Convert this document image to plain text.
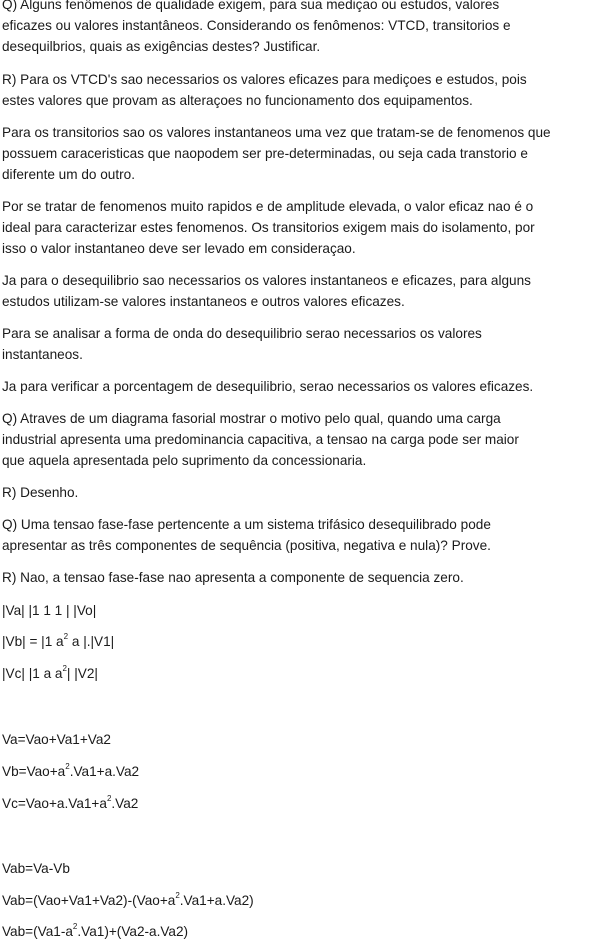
Q) Alguns fenômenos de qualidade exigem, para sua mediçao ou estudos, valores
eficazes ou valores instantâneos. Considerando os fenômenos: VTCD, transitorios e
desequilbrios, quais as exigências destes? Justificar.
R) Para os VTCD's sao necessarios os valores eficazes para mediçoes e estudos, pois
estes valores que provam as alteraçoes no funcionamento dos equipamentos.
Para os transitorios sao os valores instantaneos uma vez que tratam-se de fenomenos que
possuem caraceristicas que naopodem ser pre-determinadas, ou seja cada transtorio e
diferente um do outro.
Por se tratar de fenomenos muito rapidos e de amplitude elevada, o valor eficaz nao é o
ideal para caracterizar estes fenomenos. Os transitorios exigem mais do isolamento, por
isso o valor instantaneo deve ser levado em consideraçao.
Ja para o desequilibrio sao necessarios os valores instantaneos e eficazes, para alguns
estudos utilizam-se valores instantaneos e outros valores eficazes.
Para se analisar a forma de onda do desequilibrio serao necessarios os valores
instantaneos.
Ja para verificar a porcentagem de desequilibrio, serao necessarios os valores eficazes.
Q) Atraves de um diagrama fasorial mostrar o motivo pelo qual, quando uma carga
industrial apresenta uma predominancia capacitiva, a tensao na carga pode ser maior
que aquela apresentada pelo suprimento da concessionaria.
R) Desenho.
Q) Uma tensao fase-fase pertencente a um sistema trifásico desequilibrado pode
apresentar as três componentes de sequência (positiva, negativa e nula)? Prove.
R) Nao, a tensao fase-fase nao apresenta a componente de sequencia zero.
|Va| |1 1 1 | |Vo|
|Vb| = |1 $a^2$ a |.|V1|
|Vc| |1 a $a^2|$ |V2|
Va=Vao+Va1+Va2
$Vb=Vao+a^2.Va1+a.Va2$
$Vc=Vao+a.Va1+a^2.Va2$
Vab=Va-Vb
$Vab=(Vao+Va1+Va2)-(Vao+a^2.Va1+a.Va2)$
$Vab=(Va1-a^2.Va1)+(Va2-a.Va2)$
